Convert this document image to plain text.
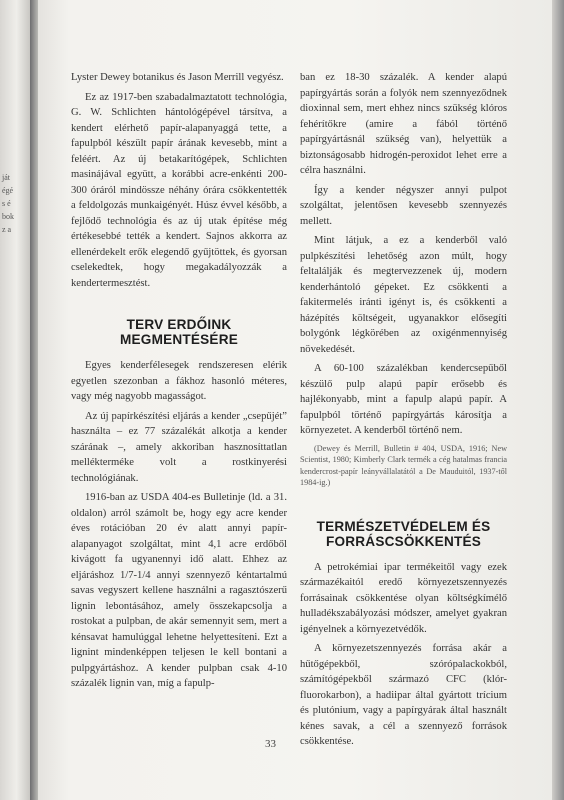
ját
égé
s é
bok
z a

Lyster Dewey botanikus és Jason Merrill vegyész.

Ez az 1917-ben szabadalmaztatott technológia, G. W. Schlichten hántológépével társítva, a kendert elérhető papír-alapanyaggá tette, a fapulpból készült papír árának kevesebb, mint a feléért. Az új betakarítógépek, Schlichten masinájával együtt, a korábbi acre-enkénti 200-300 óráról mindössze néhány órára csökkentették a feldolgozás munkaigényét. Húsz évvel később, a fejlődő technológia és az új utak építése még értékesebbé tették a kendert. Sajnos akkorra az ellenérdekelt erők elegendő gyűjtöttek, és gyorsan cselekedtek, hogy megakadályozzák a kendertermesztést.

TERV ERDŐINK MEGMENTÉSÉRE

Egyes kenderfélesegek rendszeresen elérik egyetlen szezonban a fákhoz hasonló méteres, vagy még nagyobb magasságot.

Az új papírkészítési eljárás a kender „csepűjét” használta – ez 77 százalékát alkotja a kender szárának –, amely akkoriban hasznosíttatlan mellékterméke volt a rostkinyerési technológiának.

1916-ban az USDA 404-es Bulletinje (ld. a 31. oldalon) arról számolt be, hogy egy acre kender éves rotációban 20 év alatt annyi papír-alapanyagot szolgáltat, mint 4,1 acre erdőből kivágott fa ugyanennyi idő alatt. Ehhez az eljáráshoz 1/7-1/4 annyi szennyező kéntartalmú savas vegyszert kellene használni a ragasztószerű lignin lebontásához, amely összekapcsolja a rostokat a pulpban, de akár semennyit sem, mert a kénsavat hamulúggal lehetne helyettesíteni. Ezt a lignint mindenképpen teljesen le kell bontani a pulpgyártáshoz. A kender pulpban csak 4-10 százalék lignin van, míg a fapulp-

ban ez 18-30 százalék. A kender alapú papírgyártás során a folyók nem szennyeződnek dioxinnal sem, mert ehhez nincs szükség klóros fehérítőkre (amire a fából történő papírgyártásnál szükség van), helyettük a biztonságosabb hidrogén-peroxidot lehet erre a célra használni.

Így a kender négyszer annyi pulpot szolgáltat, jelentősen kevesebb szennyezés mellett.

Mint látjuk, a ez a kenderből való pulpkészítési lehetőség azon múlt, hogy feltalálják és megtervezzenek új, modern kenderhántoló gépeket. Ez csökkenti a fakitermelés iránti igényt is, és csökkenti a házépítés költségeit, ugyanakkor elősegíti bolygónk légkörében az oxigénmennyiség növekedését.

A 60-100 százalékban kendercsepűből készülő pulp alapú papír erősebb és hajlékonyabb, mint a fapulp alapú papír. A fapulpból történő papírgyártás károsítja a környezetet. A kenderből történő nem.

(Dewey és Merrill, Bulletin # 404, USDA, 1916; New Scientist, 1980; Kimberly Clark termék a cég hatalmas francia kendercrost-papír leányvállalatától a De Mauduitól, 1937-től 1984-ig.)

TERMÉSZETVÉDELEM ÉS FORRÁSCSÖKKENTÉS

A petrokémiai ipar termékeitől vagy ezek származékaitól eredő környezetszennyezés forrásainak csökkentése olyan költségkímélő hulladékszabályozási módszer, amelyet gyakran igényelnek a környezetvédők.

A környezetszennyezés forrása akár a hűtőgépekből, szórópalackokból, számítógépekből származó CFC (klór-fluorokarbon), a hadiipar által gyártott trícium és plutónium, vagy a papírgyárak által használt kénes savak, a cél a szennyező források csökkentése.

33
